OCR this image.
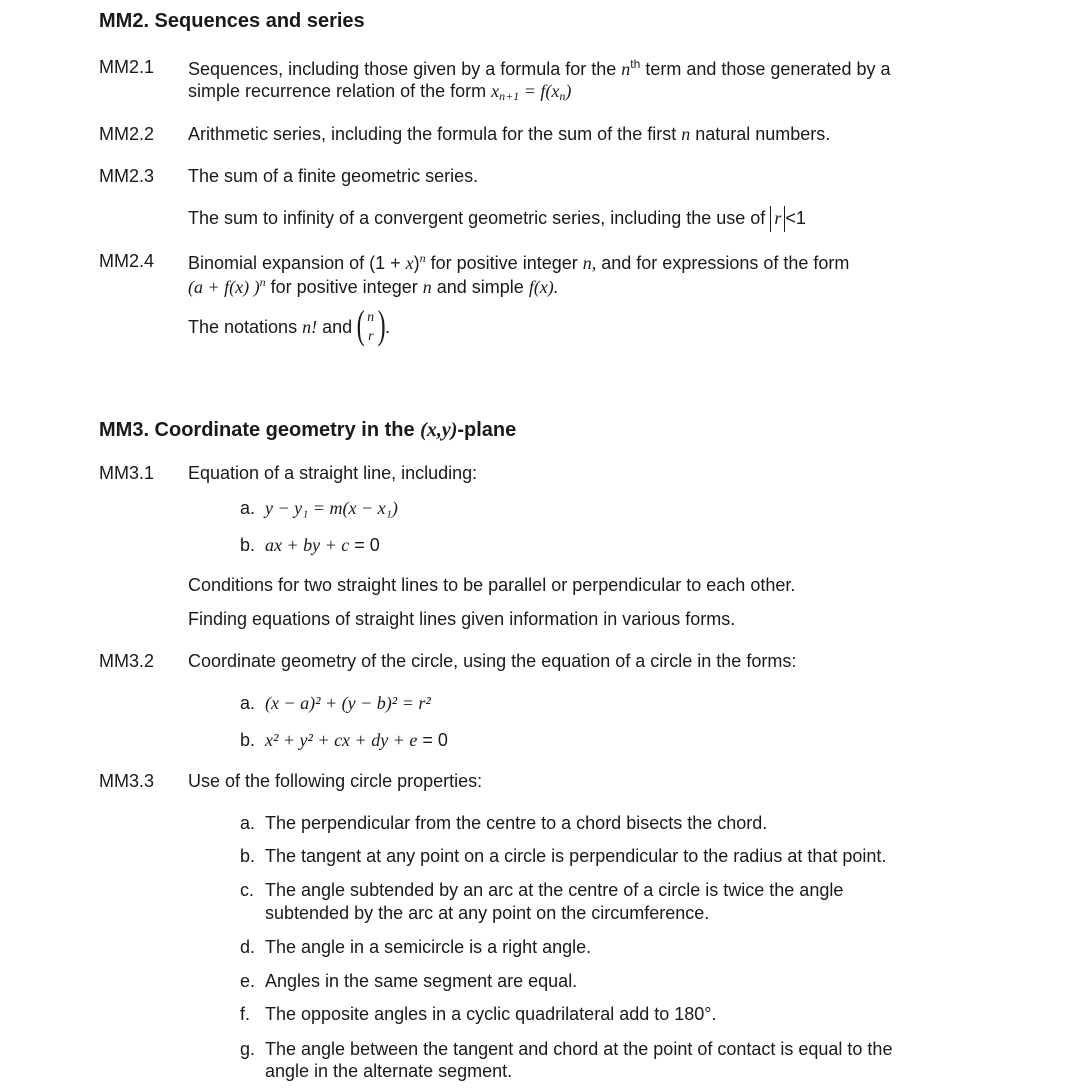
MM2. Sequences and series
MM2.1 Sequences, including those given by a formula for the $n^{th}$ term and those generated by a
simple recurrence relation of the form $x_{n+1} = f(x_n)$
MM2.2 Arithmetic series, including the formula for the sum of the first n natural numbers.
MM2.3 The sum of a finite geometric series.
The sum to infinity of a convergent geometric series, including the use of r <1
MM2.4 Binomial expansion of $(1 + x)^n$ for positive integer n, and for expressions of the form
(a + f(x) )$^n$ for positive integer n and simple f(x).
The notations n! and ( )
n
r .
MM3. Coordinate geometry in the (x,y)-plane
MM3.1 Equation of a straight line, including:
a. y − y₁ = m(x − x₁)
b. ax + by + c = 0
Conditions for two straight lines to be parallel or perpendicular to each other.
Finding equations of straight lines given information in various forms.
MM3.2 Coordinate geometry of the circle, using the equation of a circle in the forms:
a. (x − a)² + (y − b)² = r²
b. x² + y² + cx + dy + e = 0
MM3.3 Use of the following circle properties:
a. The perpendicular from the centre to a chord bisects the chord.
b. The tangent at any point on a circle is perpendicular to the radius at that point.
c. The angle subtended by an arc at the centre of a circle is twice the angle
subtended by the arc at any point on the circumference.
d. The angle in a semicircle is a right angle.
e. Angles in the same segment are equal.
f. The opposite angles in a cyclic quadrilateral add to 180°.
g. The angle between the tangent and chord at the point of contact is equal to the
angle in the alternate segment.
